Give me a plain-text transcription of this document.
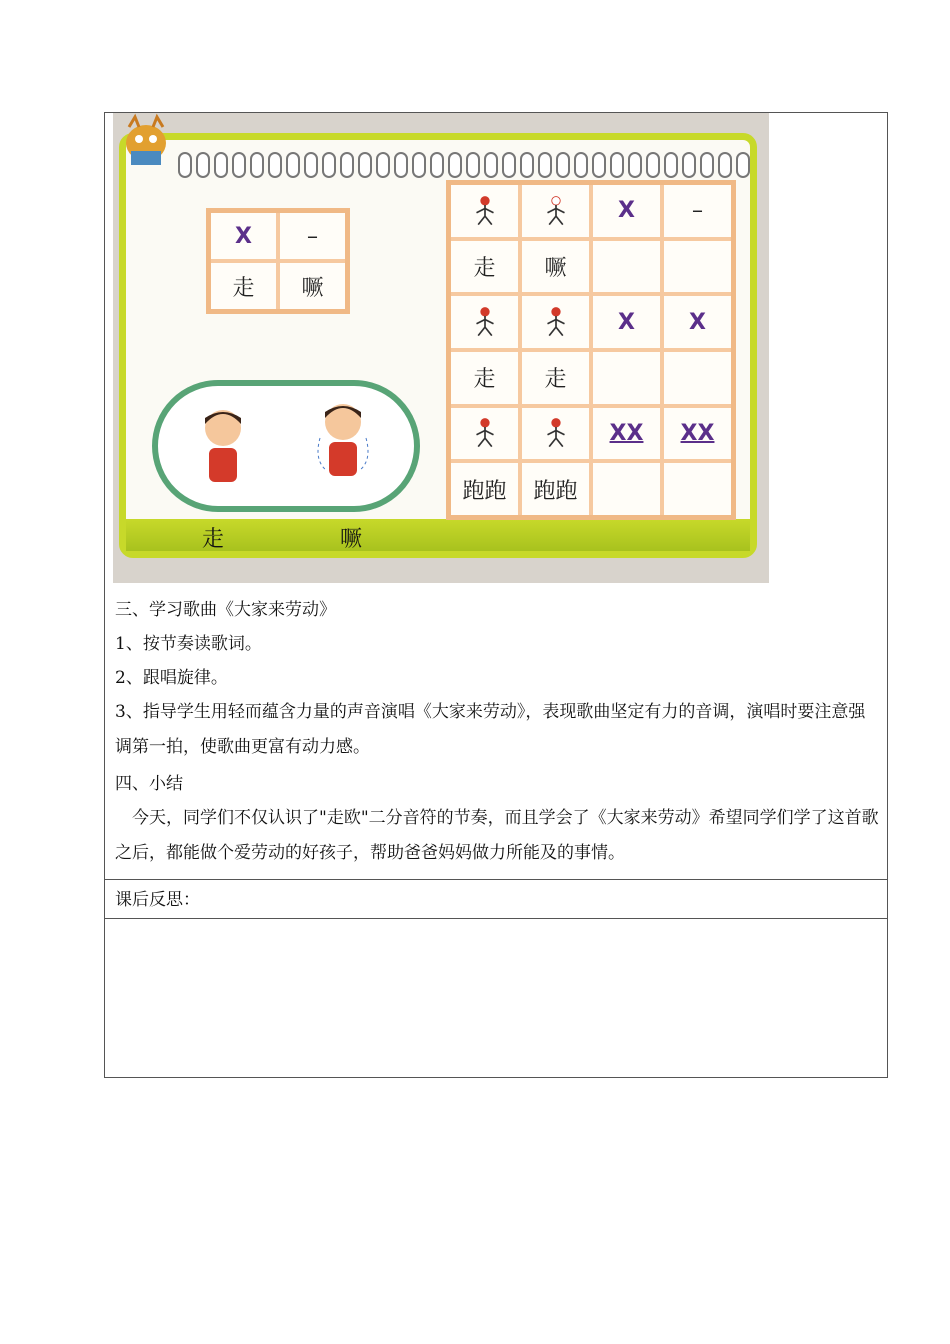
X	–
走	噘
走	噘
X	–
走	噘
X	X
走	走
XX	XX
跑跑	跑跑
三、学习歌曲《大家来劳动》
1、按节奏读歌词。
2、跟唱旋律。
3、指导学生用轻而蕴含力量的声音演唱《大家来劳动》，表现歌曲坚定有力的音调，演唱时要注意强调第一拍，使歌曲更富有动力感。
四、小结
今天，同学们不仅认识了"走欧"二分音符的节奏，而且学会了《大家来劳动》希望同学们学了这首歌之后，都能做个爱劳动的好孩子，帮助爸爸妈妈做力所能及的事情。
课后反思：
